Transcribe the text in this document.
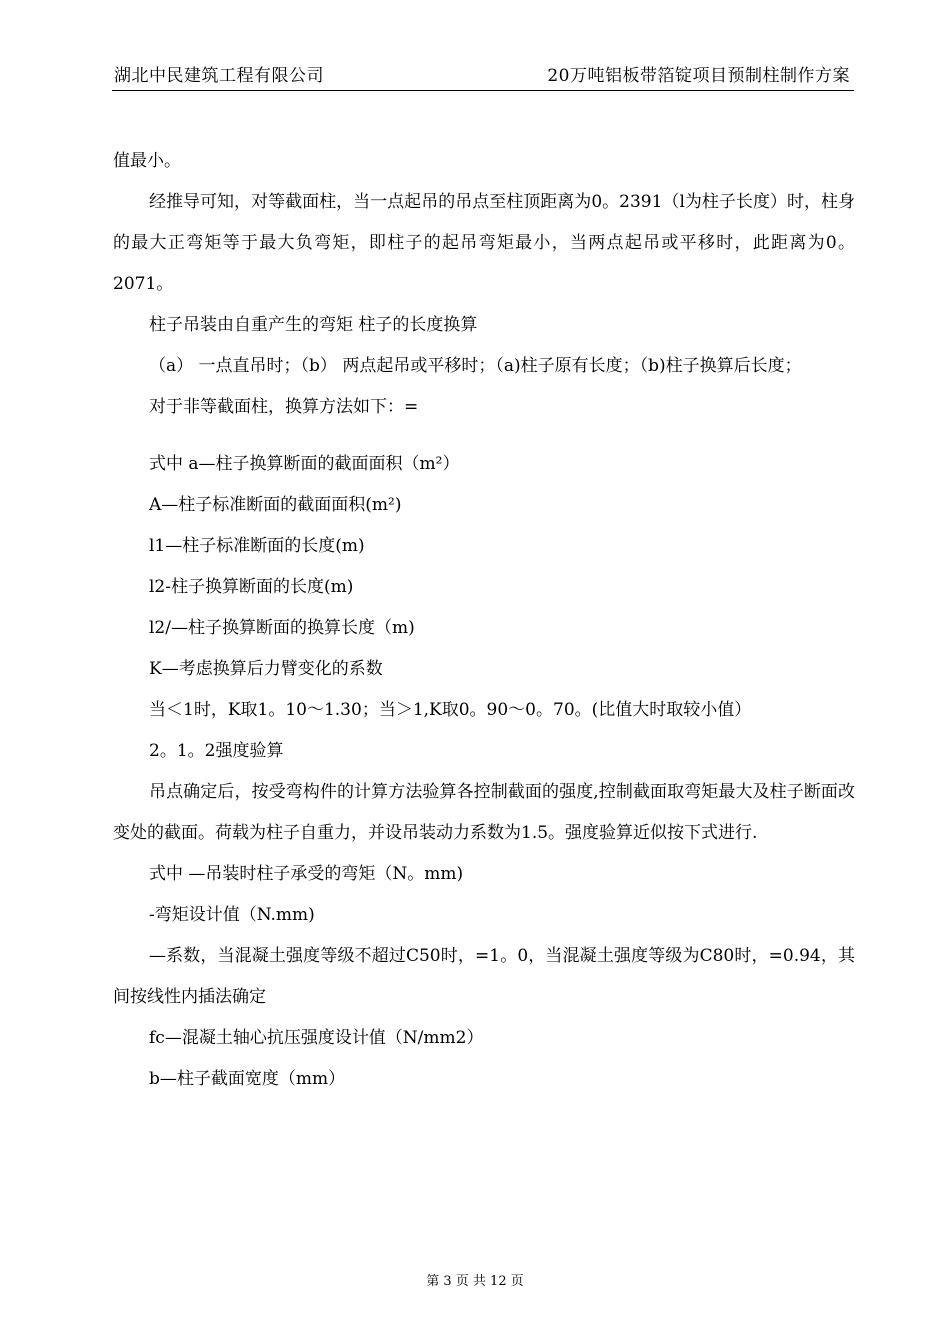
湖北中民建筑工程有限公司	20万吨铝板带箔锭项目预制柱制作方案

值最小。

经推导可知，对等截面柱，当一点起吊的吊点至柱顶距离为0。2391（l为柱子长度）时，柱身的最大正弯矩等于最大负弯矩，即柱子的起吊弯矩最小，当两点起吊或平移时，此距离为0。2071。

柱子吊装由自重产生的弯矩 柱子的长度换算

（a） 一点直吊时；（b） 两点起吊或平移时；（a)柱子原有长度；（b)柱子换算后长度；

对于非等截面柱，换算方法如下：=

式中 a—柱子换算断面的截面面积（m²）

A—柱子标准断面的截面面积(m²)

l1—柱子标准断面的长度(m)

l2-柱子换算断面的长度(m)

l2/—柱子换算断面的换算长度（m)

K—考虑换算后力臂变化的系数

当＜1时，K取1。10～1.30；当＞1,K取0。90～0。70。(比值大时取较小值）

2。1。2强度验算

吊点确定后，按受弯构件的计算方法验算各控制截面的强度,控制截面取弯矩最大及柱子断面改变处的截面。荷载为柱子自重力，并设吊装动力系数为1.5。强度验算近似按下式进行.

式中 —吊装时柱子承受的弯矩（N。mm)

-弯矩设计值（N.mm)

—系数，当混凝土强度等级不超过C50时，=1。0，当混凝土强度等级为C80时，=0.94，其间按线性内插法确定

fc—混凝土轴心抗压强度设计值（N/mm2）

b—柱子截面宽度（mm）

第 3 页 共 12 页
